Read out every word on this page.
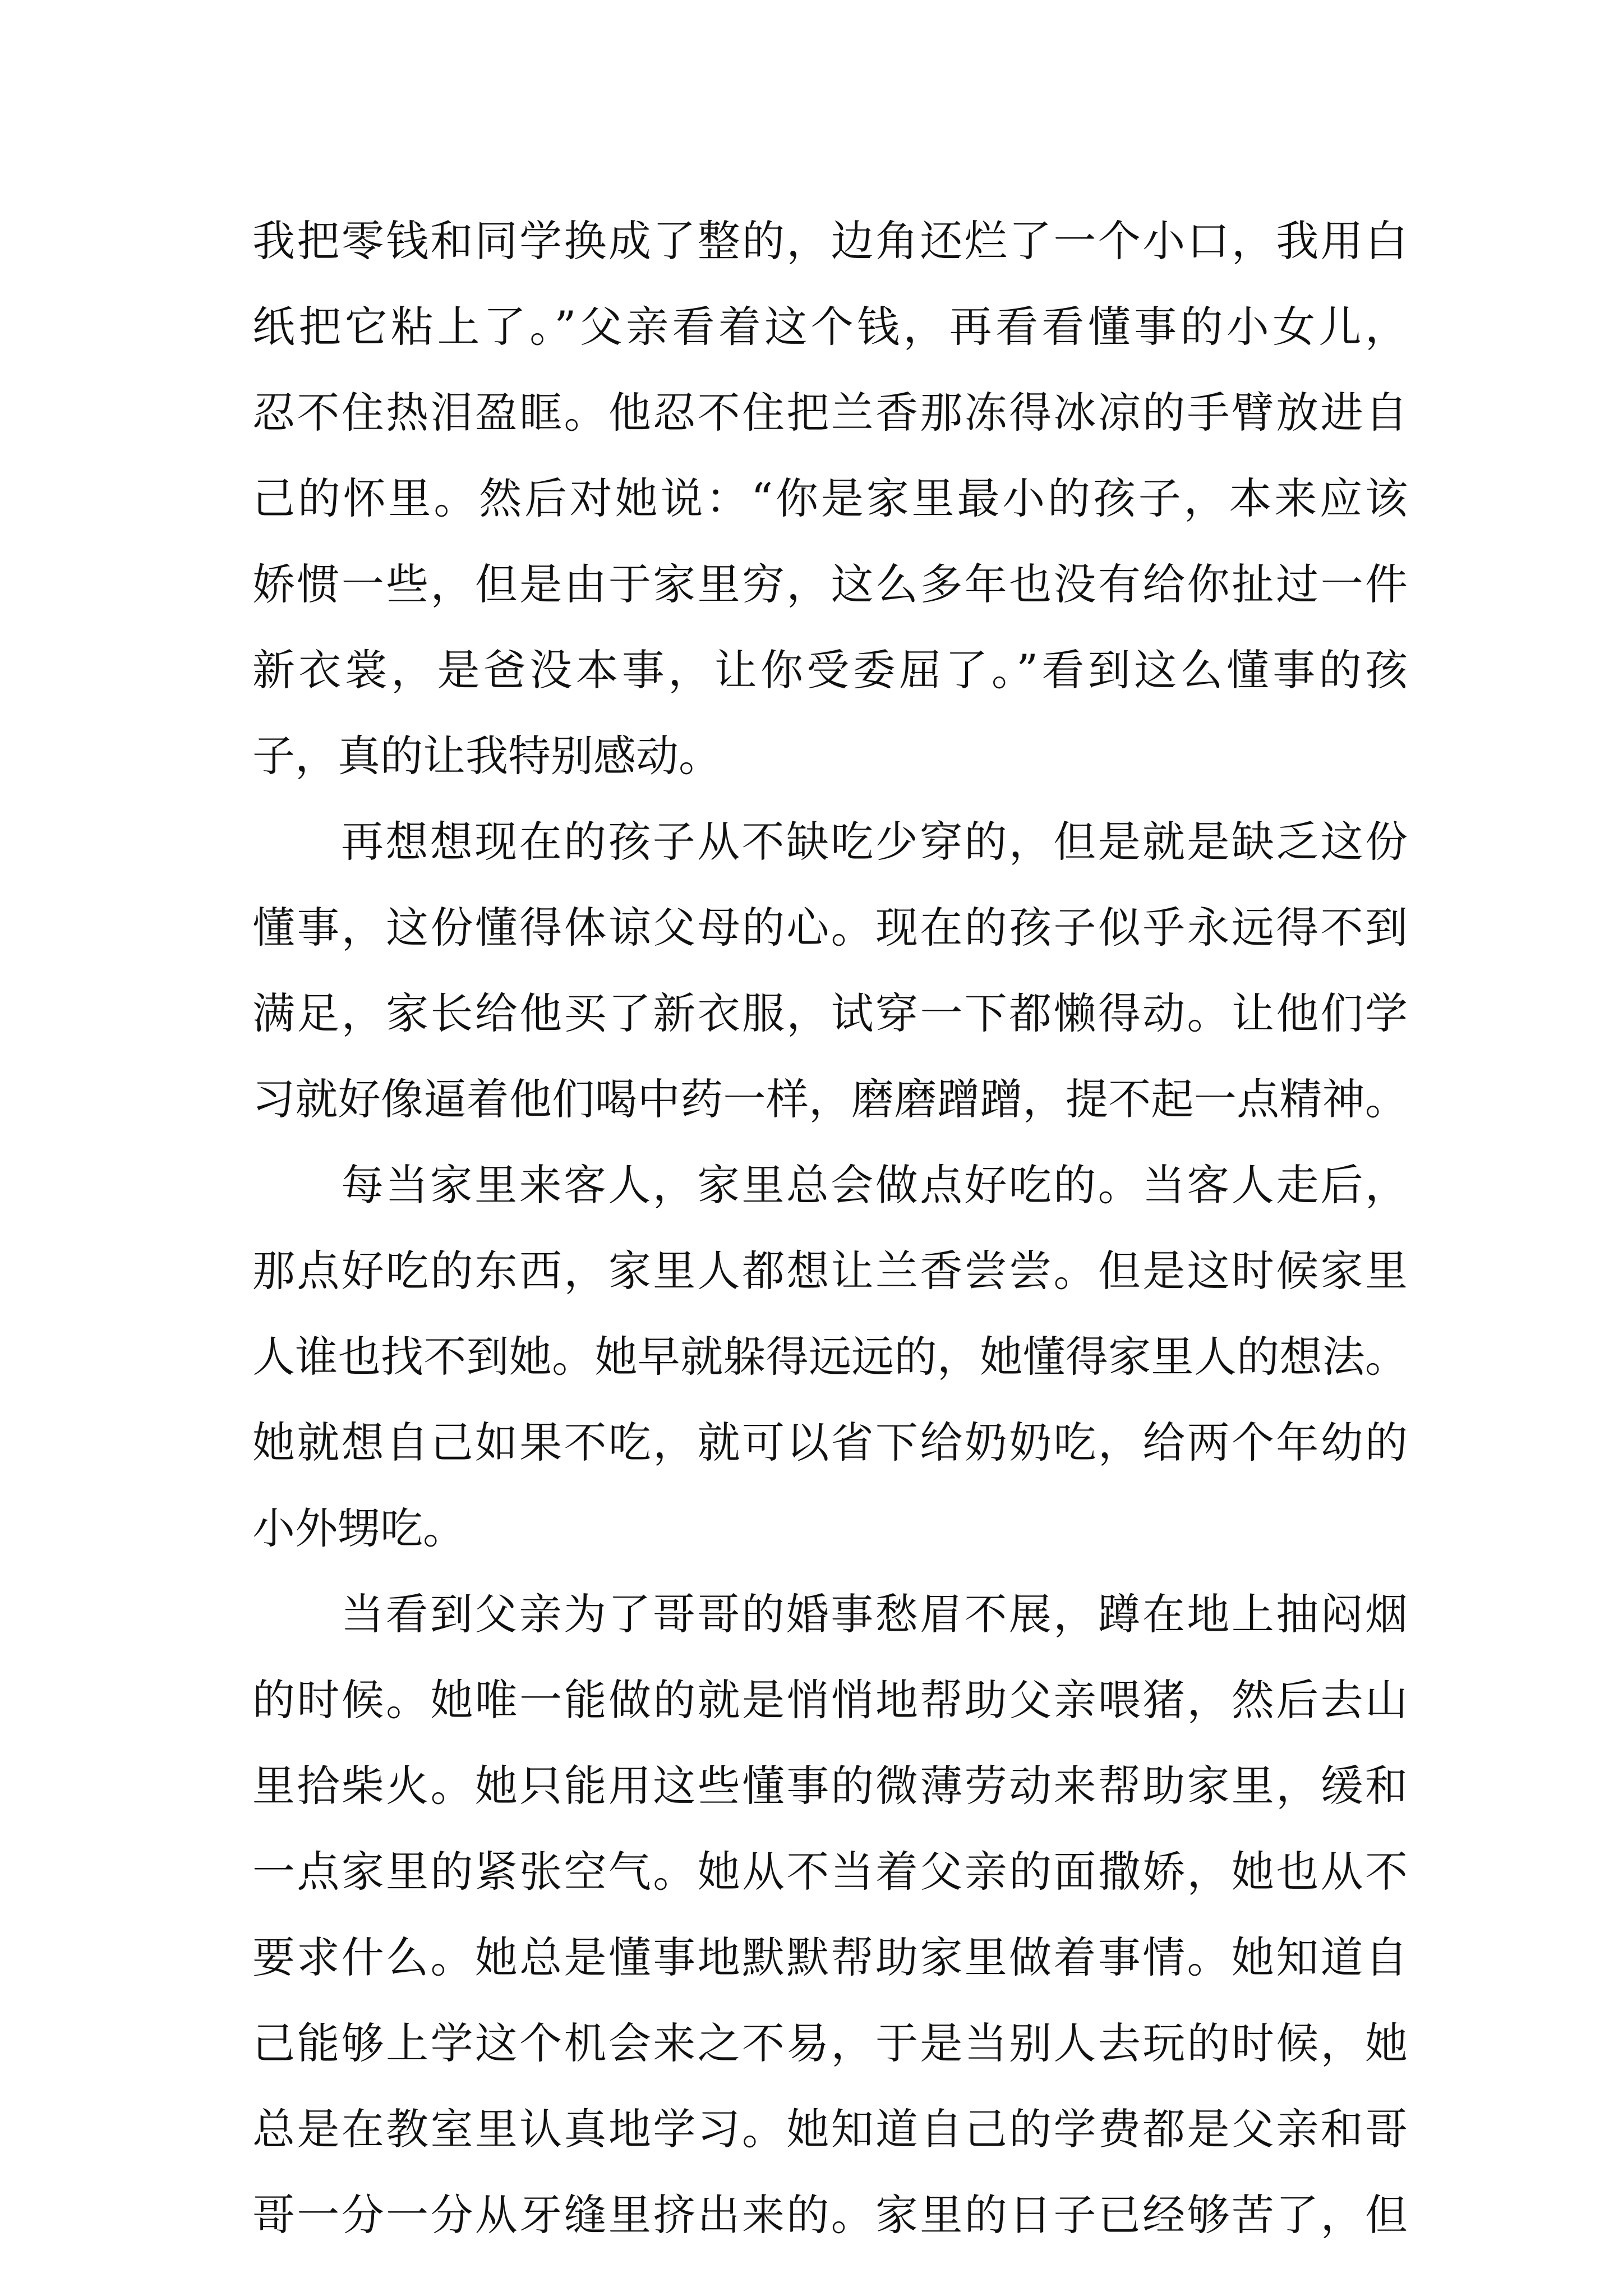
我把零钱和同学换成了整的，边角还烂了一个小口，我用白
纸把它粘上了。”父亲看着这个钱，再看看懂事的小女儿，
忍不住热泪盈眶。他忍不住把兰香那冻得冰凉的手臂放进自
己的怀里。然后对她说：“你是家里最小的孩子，本来应该
娇惯一些，但是由于家里穷，这么多年也没有给你扯过一件
新衣裳，是爸没本事，让你受委屈了。”看到这么懂事的孩
子，真的让我特别感动。
再想想现在的孩子从不缺吃少穿的，但是就是缺乏这份
懂事，这份懂得体谅父母的心。现在的孩子似乎永远得不到
满足，家长给他买了新衣服，试穿一下都懒得动。让他们学
习就好像逼着他们喝中药一样，磨磨蹭蹭，提不起一点精神。
每当家里来客人，家里总会做点好吃的。当客人走后，
那点好吃的东西，家里人都想让兰香尝尝。但是这时候家里
人谁也找不到她。她早就躲得远远的，她懂得家里人的想法。
她就想自己如果不吃，就可以省下给奶奶吃，给两个年幼的
小外甥吃。
当看到父亲为了哥哥的婚事愁眉不展，蹲在地上抽闷烟
的时候。她唯一能做的就是悄悄地帮助父亲喂猪，然后去山
里拾柴火。她只能用这些懂事的微薄劳动来帮助家里，缓和
一点家里的紧张空气。她从不当着父亲的面撒娇，她也从不
要求什么。她总是懂事地默默帮助家里做着事情。她知道自
己能够上学这个机会来之不易，于是当别人去玩的时候，她
总是在教室里认真地学习。她知道自己的学费都是父亲和哥
哥一分一分从牙缝里挤出来的。家里的日子已经够苦了，但
